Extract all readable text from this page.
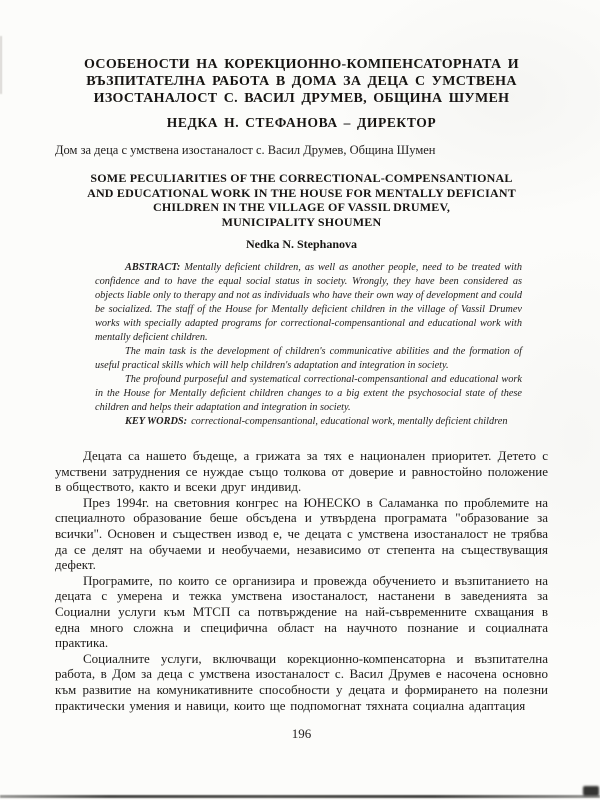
ОСОБЕНОСТИ НА КОРЕКЦИОННО-КОМПЕНСАТОРНАТА И
ВЪЗПИТАТЕЛНА РАБОТА В ДОМА ЗА ДЕЦА С УМСТВЕНА
ИЗОСТАНАЛОСТ С. ВАСИЛ ДРУМЕВ, ОБЩИНА ШУМЕН
НЕДКА Н. СТЕФАНОВА – ДИРЕКТОР
Дом за деца с умствена изостаналост с. Васил Друмев, Община Шумен
SOME PECULIARITIES OF THE CORRECTIONAL-COMPENSANTIONAL
AND EDUCATIONAL WORK IN THE HOUSE FOR MENTALLY DEFICIANT
CHILDREN IN THE VILLAGE OF VASSIL DRUMEV,
MUNICIPALITY SHOUMEN
Nedka N. Stephanova

ABSTRACT: Mentally deficient children, as well as another people, need to be treated with confidence and to have the equal social status in society. Wrongly, they have been considered as objects liable only to therapy and not as individuals who have their own way of development and could be socialized. The staff of the House for Mentally deficient children in the village of Vassil Drumev works with specially adapted programs for correctional-compensantional and educational work with mentally deficient children.

The main task is the development of children's communicative abilities and the formation of useful practical skills which will help children's adaptation and integration in society.

The profound purposeful and systematical correctional-compensantional and educational work in the House for Mentally deficient children changes to a big extent the psychosocial state of these children and helps their adaptation and integration in society.

KEY WORDS: correctional-compensantional, educational work, mentally deficient children

Децата са нашето бъдеще, а грижата за тях е национален приоритет. Детето с умствени затруднения се нуждае също толкова от доверие и равностойно положение в обществото, както и всеки друг индивид.

През 1994г. на световния конгрес на ЮНЕСКО в Саламанка по проблемите на специалното образование беше обсъдена и утвърдена програмата "образование за всички". Основен и съществен извод е, че децата с умствена изостаналост не трябва да се делят на обучаеми и необучаеми, независимо от степента на съществуващия дефект.

Програмите, по които се организира и провежда обучението и възпитанието на децата с умерена и тежка умствена изостаналост, настанени в заведенията за Социални услуги към МТСП са потвърждение на най-съвременните схващания в една много сложна и специфична област на научното познание и социалната практика.

Социалните услуги, включващи корекционно-компенсаторна и възпитателна работа, в Дом за деца с умствена изостаналост с. Васил Друмев е насочена основно към развитие на комуникативните способности у децата и формирането на полезни практически умения и навици, които ще подпомогнат тяхната социална адаптация

196
